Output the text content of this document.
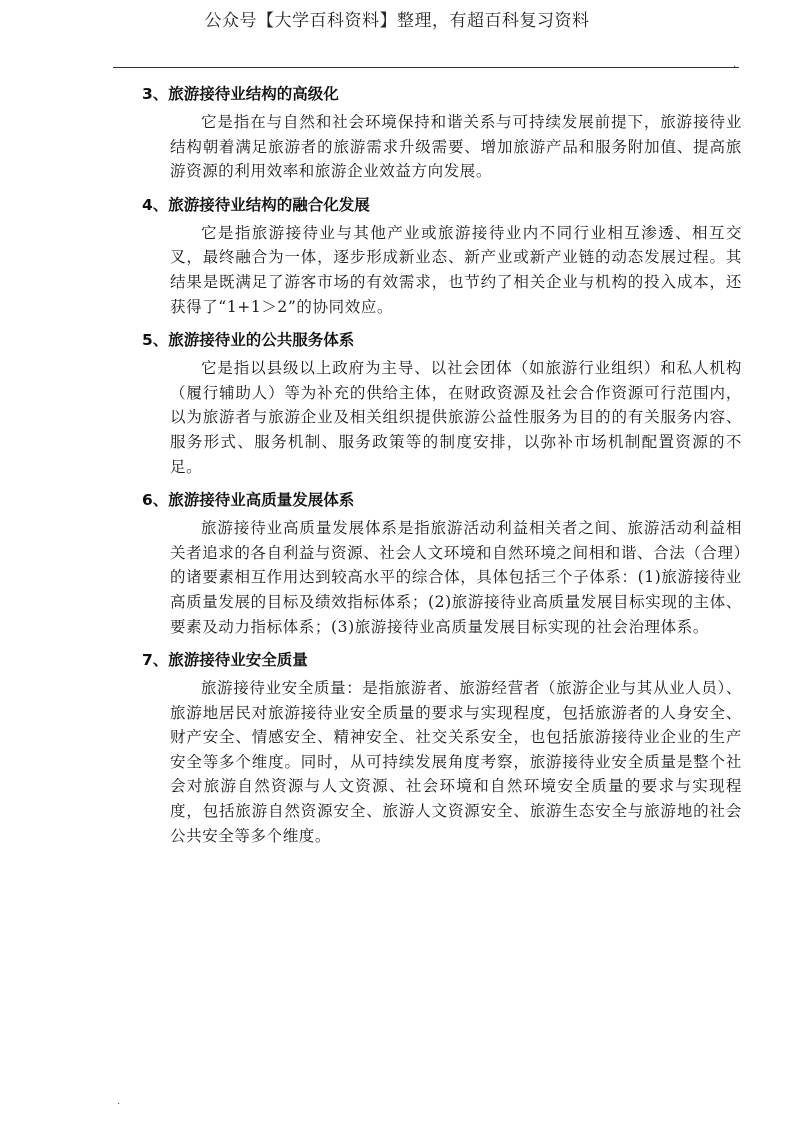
公众号【大学百科资料】整理，有超百科复习资料
.
3、旅游接待业结构的高级化

它是指在与自然和社会环境保持和谐关系与可持续发展前提下，旅游接待业结构朝着满足旅游者的旅游需求升级需要、增加旅游产品和服务附加值、提高旅游资源的利用效率和旅游企业效益方向发展。

4、旅游接待业结构的融合化发展

它是指旅游接待业与其他产业或旅游接待业内不同行业相互渗透、相互交叉，最终融合为一体，逐步形成新业态、新产业或新产业链的动态发展过程。其结果是既满足了游客市场的有效需求，也节约了相关企业与机构的投入成本，还获得了“1+1＞2”的协同效应。

5、旅游接待业的公共服务体系

它是指以县级以上政府为主导、以社会团体（如旅游行业组织）和私人机构（履行辅助人）等为补充的供给主体，在财政资源及社会合作资源可行范围内，以为旅游者与旅游企业及相关组织提供旅游公益性服务为目的的有关服务内容、服务形式、服务机制、服务政策等的制度安排，以弥补市场机制配置资源的不足。

6、旅游接待业高质量发展体系

旅游接待业高质量发展体系是指旅游活动利益相关者之间、旅游活动利益相关者追求的各自利益与资源、社会人文环境和自然环境之间相和谐、合法（合理）的诸要素相互作用达到较高水平的综合体，具体包括三个子体系：(1)旅游接待业高质量发展的目标及绩效指标体系；(2)旅游接待业高质量发展目标实现的主体、要素及动力指标体系；(3)旅游接待业高质量发展目标实现的社会治理体系。

7、旅游接待业安全质量

旅游接待业安全质量：是指旅游者、旅游经营者（旅游企业与其从业人员）、旅游地居民对旅游接待业安全质量的要求与实现程度，包括旅游者的人身安全、财产安全、情感安全、精神安全、社交关系安全，也包括旅游接待业企业的生产安全等多个维度。同时，从可持续发展角度考察，旅游接待业安全质量是整个社会对旅游自然资源与人文资源、社会环境和自然环境安全质量的要求与实现程度，包括旅游自然资源安全、旅游人文资源安全、旅游生态安全与旅游地的社会公共安全等多个维度。

.
